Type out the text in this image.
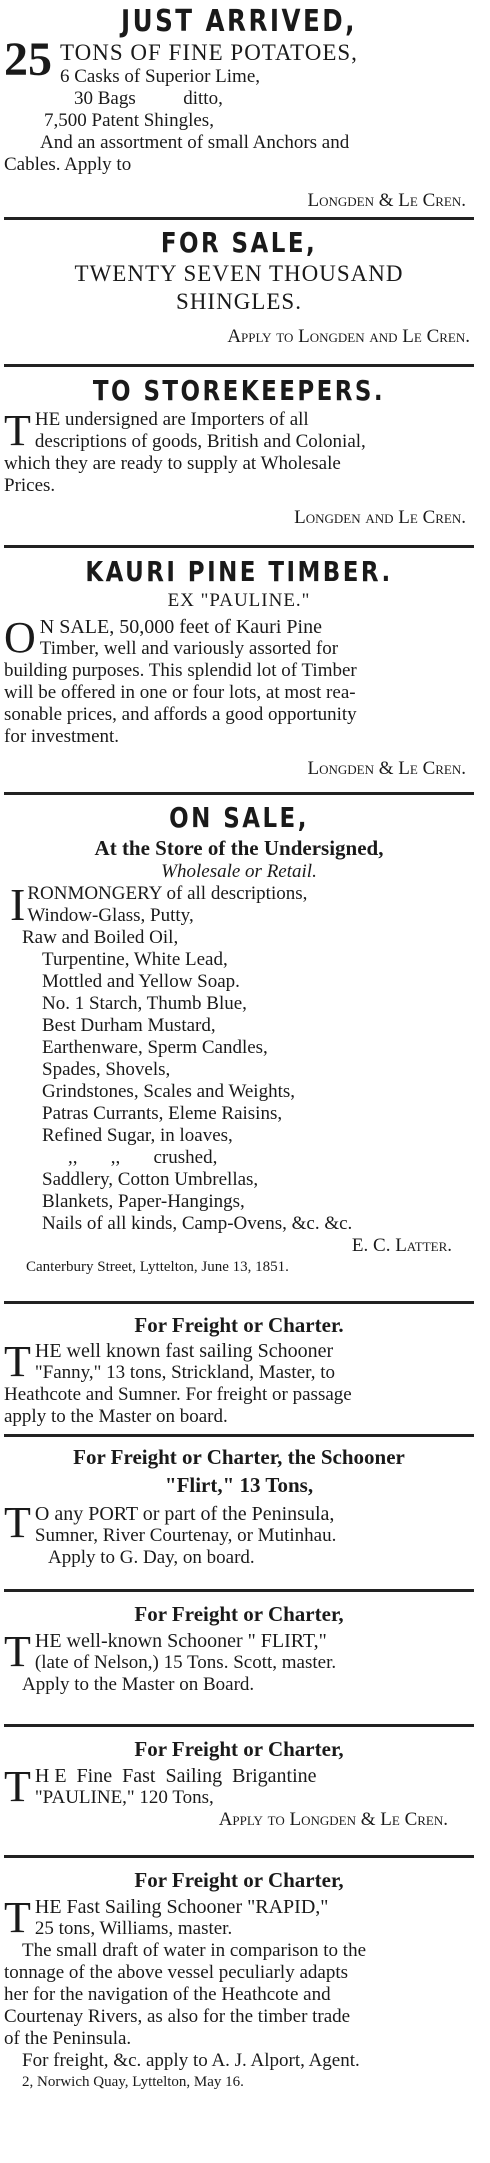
JUST ARRIVED,
25 TONS OF FINE POTATOES,
6 Casks of Superior Lime,
30 Bags          ditto,
7,500 Patent Shingles,
And an assortment of small Anchors and
Cables. Apply to
Longden & Le Cren.
FOR SALE,
TWENTY SEVEN THOUSAND
SHINGLES.
Apply to Longden and Le Cren.
TO STOREKEEPERS.
T HE undersigned are Importers of all
descriptions of goods, British and Colonial,
which they are ready to supply at Wholesale
Prices.
Longden and Le Cren.
KAURI PINE TIMBER.
EX "PAULINE."
O N SALE, 50,000 feet of Kauri Pine
Timber, well and variously assorted for
building purposes. This splendid lot of Timber
will be offered in one or four lots, at most rea-
sonable prices, and affords a good opportunity
for investment.
Longden & Le Cren.
ON SALE,
At the Store of the Undersigned,
Wholesale or Retail.
I RONMONGERY of all descriptions,
Window-Glass, Putty,
Raw and Boiled Oil,
Turpentine, White Lead,
Mottled and Yellow Soap.
No. 1 Starch, Thumb Blue,
Best Durham Mustard,
Earthenware, Sperm Candles,
Spades, Shovels,
Grindstones, Scales and Weights,
Patras Currants, Eleme Raisins,
Refined Sugar, in loaves,
,,       ,,       crushed,
Saddlery, Cotton Umbrellas,
Blankets, Paper-Hangings,
Nails of all kinds, Camp-Ovens, &c. &c.
E. C. Latter.
Canterbury Street, Lyttelton, June 13, 1851.
For Freight or Charter.
T HE well known fast sailing Schooner
"Fanny," 13 tons, Strickland, Master, to
Heathcote and Sumner. For freight or passage
apply to the Master on board.
For Freight or Charter, the Schooner
"Flirt," 13 Tons,
T O any PORT or part of the Peninsula,
Sumner, River Courtenay, or Mutinhau.
Apply to G. Day, on board.
For Freight or Charter,
T HE well-known Schooner " FLIRT,"
(late of Nelson,) 15 Tons. Scott, master.
Apply to the Master on Board.
For Freight or Charter,
T H E  Fine  Fast  Sailing  Brigantine
"PAULINE," 120 Tons,
Apply to Longden & Le Cren.
For Freight or Charter,
T HE Fast Sailing Schooner "RAPID,"
25 tons, Williams, master.
The small draft of water in comparison to the
tonnage of the above vessel peculiarly adapts
her for the navigation of the Heathcote and
Courtenay Rivers, as also for the timber trade
of the Peninsula.
For freight, &c. apply to A. J. Alport, Agent.
2, Norwich Quay, Lyttelton, May 16.
